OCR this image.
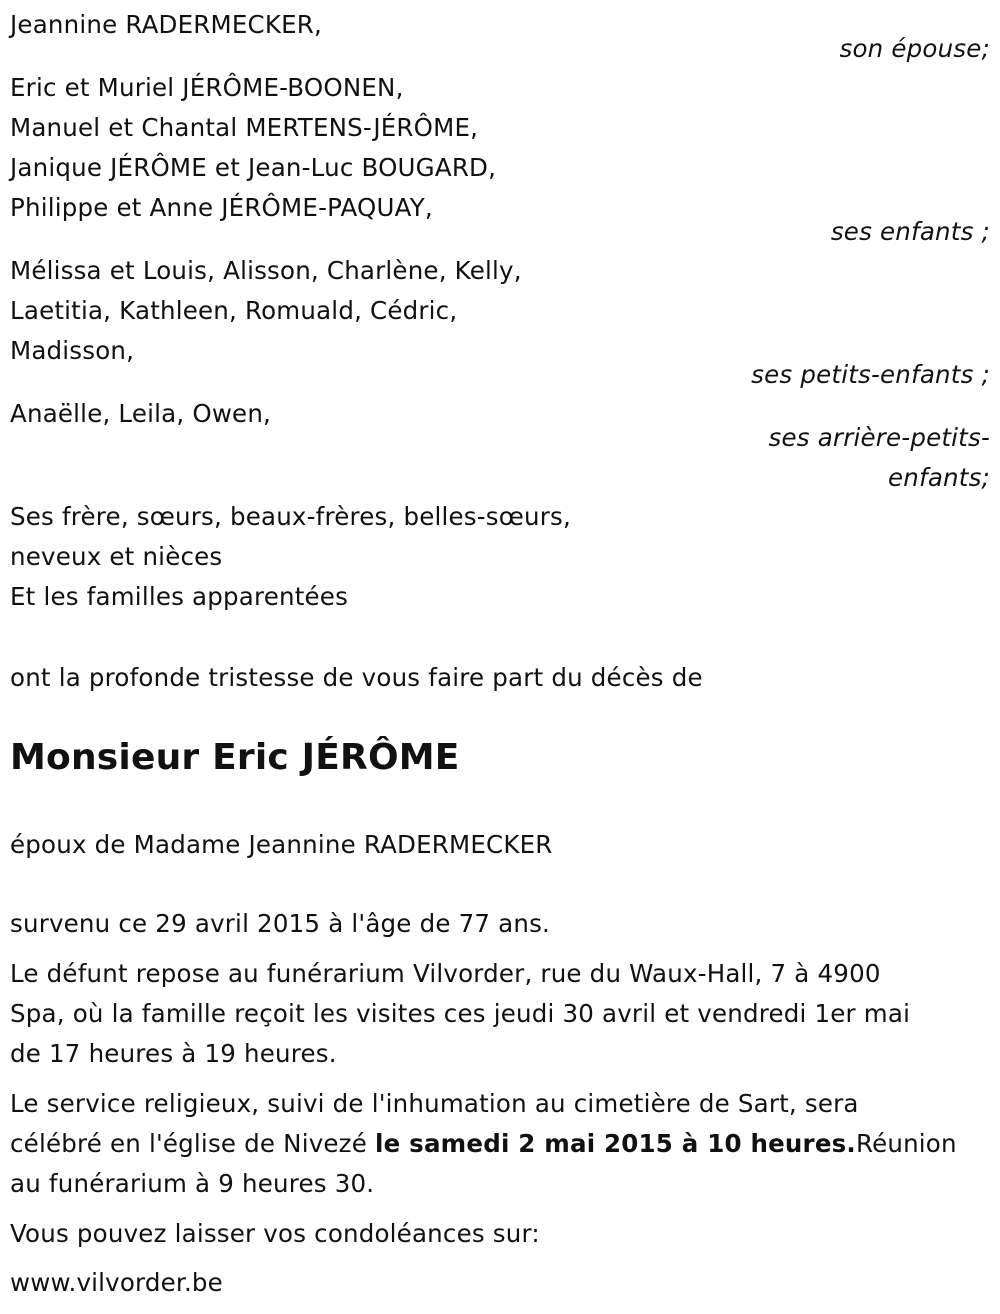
Jeannine RADERMECKER,
son épouse;
Eric et Muriel JÉRÔME-BOONEN,
Manuel et Chantal MERTENS-JÉRÔME,
Janique JÉRÔME et Jean-Luc BOUGARD,
Philippe et Anne JÉRÔME-PAQUAY,
ses enfants ;
Mélissa et Louis, Alisson, Charlène, Kelly,
Laetitia, Kathleen, Romuald, Cédric,
Madisson,
ses petits-enfants ;
Anaëlle, Leila, Owen,
ses arrière-petits-
enfants;
Ses frère, sœurs, beaux-frères, belles-sœurs,
neveux et nièces
Et les familles apparentées
ont la profonde tristesse de vous faire part du décès de
Monsieur Eric JÉRÔME
époux de Madame Jeannine RADERMECKER
survenu ce 29 avril 2015 à l'âge de 77 ans.
Le défunt repose au funérarium Vilvorder, rue du Waux-Hall, 7 à 4900
Spa, où la famille reçoit les visites ces jeudi 30 avril et vendredi 1er mai
de 17 heures à 19 heures.
Le service religieux, suivi de l'inhumation au cimetière de Sart, sera
célébré en l'église de Nivezé le samedi 2 mai 2015 à 10 heures.Réunion
au funérarium à 9 heures 30.
Vous pouvez laisser vos condoléances sur:
www.vilvorder.be
